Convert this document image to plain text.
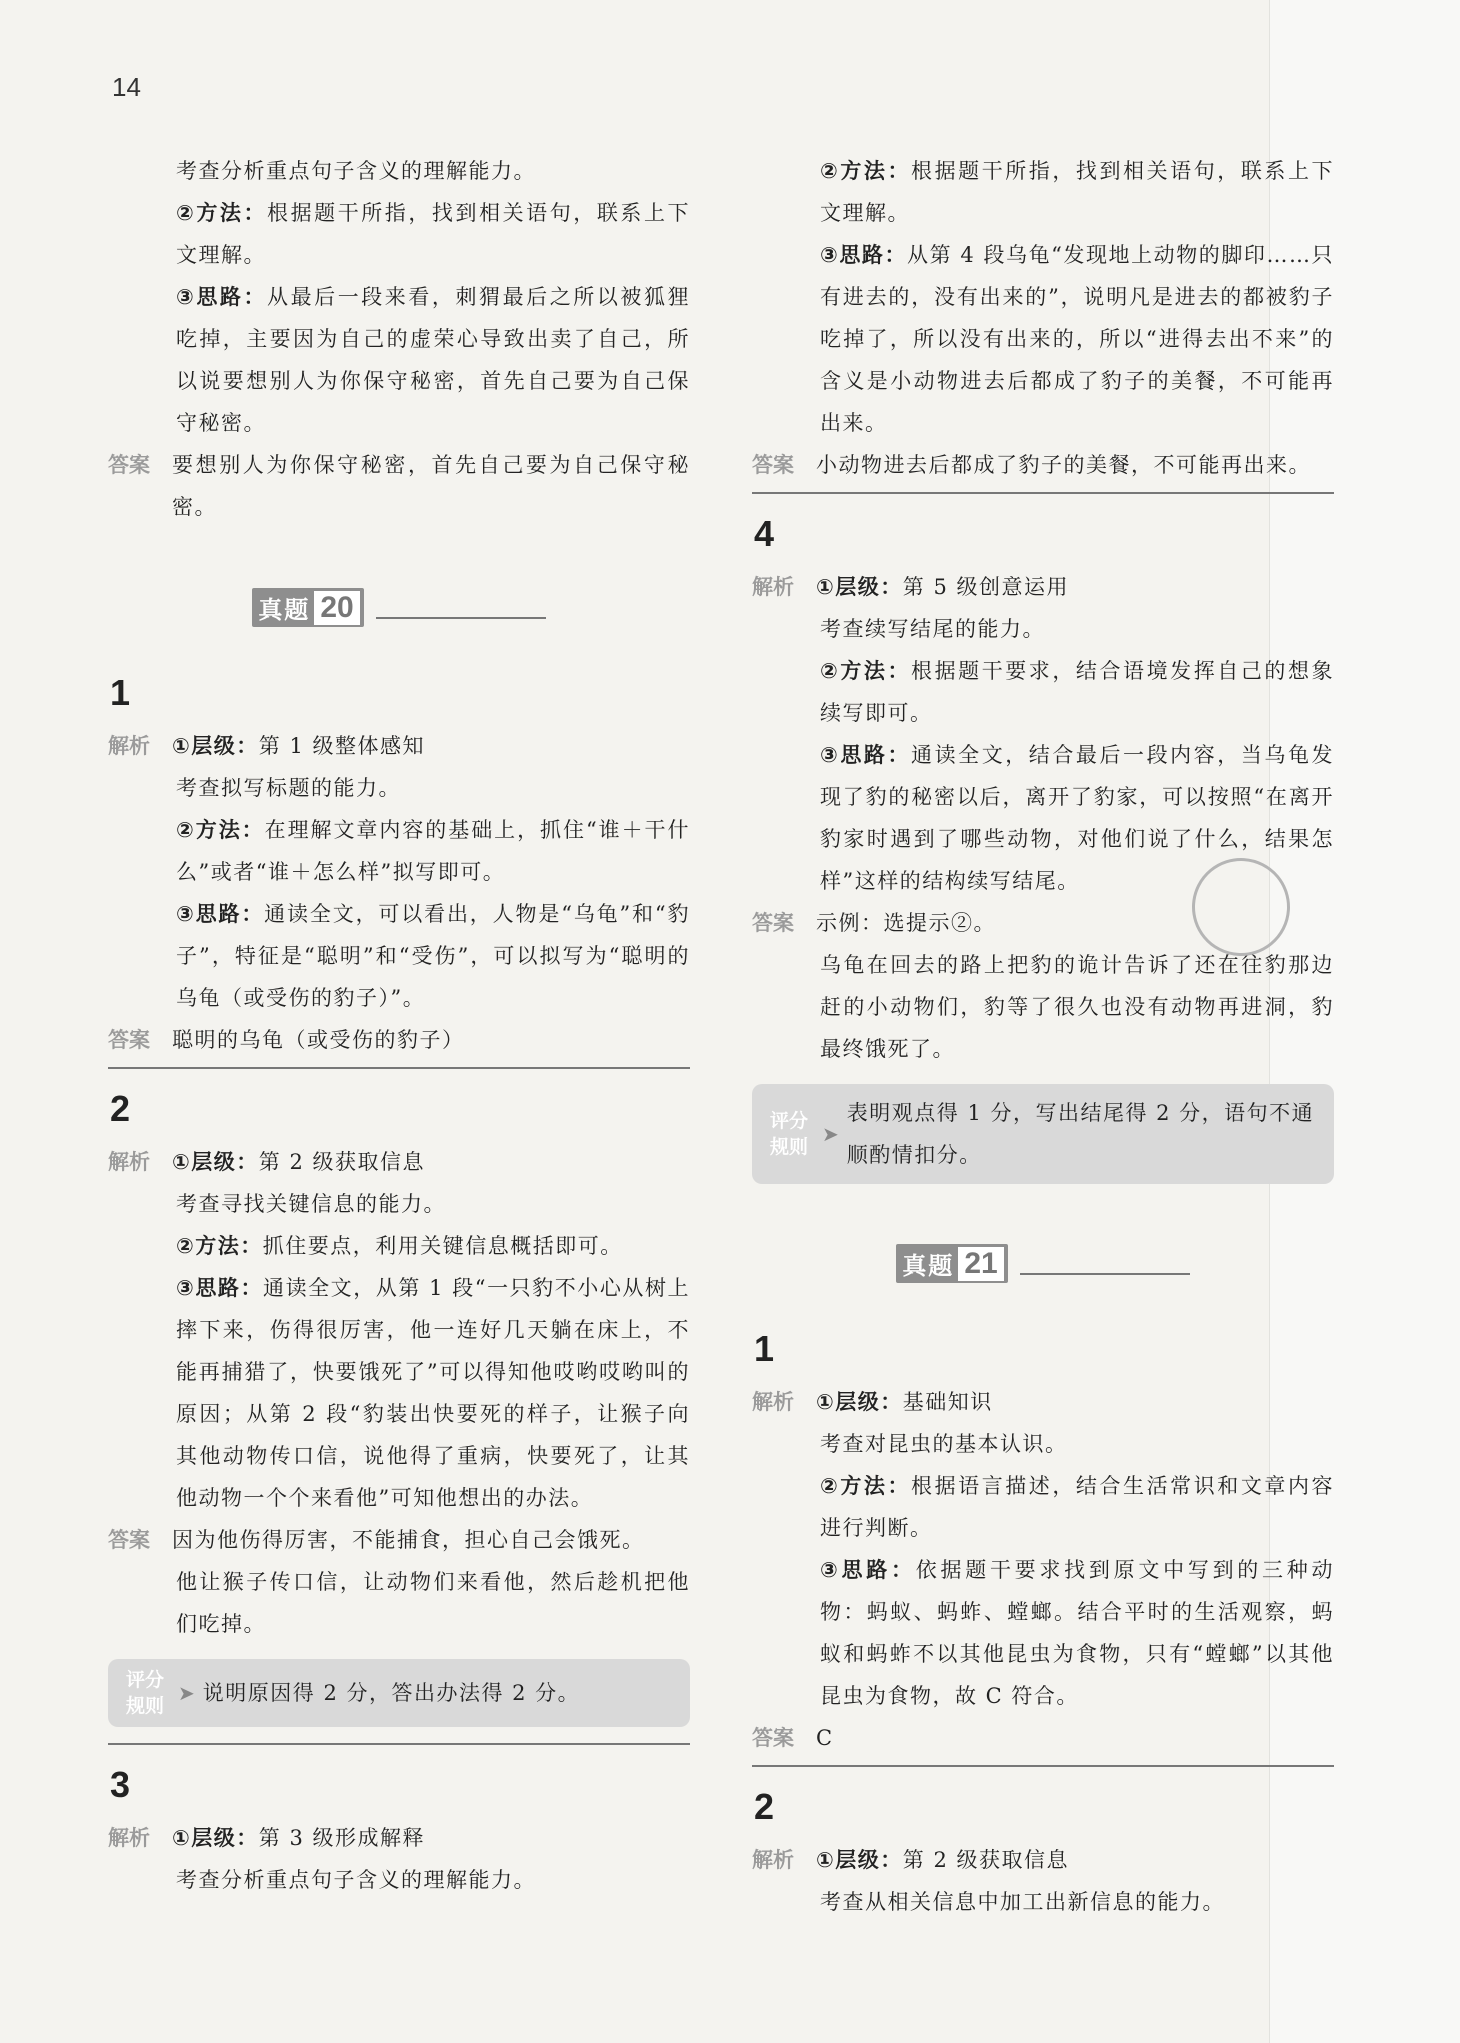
14

考查分析重点句子含义的理解能力。

②方法：根据题干所指，找到相关语句，联系上下文理解。

③思路：从最后一段来看，刺猬最后之所以被狐狸吃掉，主要因为自己的虚荣心导致出卖了自己，所以说要想别人为你保守秘密，首先自己要为自己保守秘密。

答案	要想别人为你保守秘密，首先自己要为自己保守秘密。
真题 20
1
解析	①层级：第 1 级整体感知

考查拟写标题的能力。

②方法：在理解文章内容的基础上，抓住“谁＋干什么”或者“谁＋怎么样”拟写即可。

③思路：通读全文，可以看出，人物是“乌龟”和“豹子”，特征是“聪明”和“受伤”，可以拟写为“聪明的乌龟（或受伤的豹子）”。

答案	聪明的乌龟（或受伤的豹子）
2
解析	①层级：第 2 级获取信息

考查寻找关键信息的能力。

②方法：抓住要点，利用关键信息概括即可。

③思路：通读全文，从第 1 段“一只豹不小心从树上摔下来，伤得很厉害，他一连好几天躺在床上，不能再捕猎了，快要饿死了”可以得知他哎哟哎哟叫的原因；从第 2 段“豹装出快要死的样子，让猴子向其他动物传口信，说他得了重病，快要死了，让其他动物一个个来看他”可知他想出的办法。

答案	因为他伤得厉害，不能捕食，担心自己会饿死。

他让猴子传口信，让动物们来看他，然后趁机把他们吃掉。

评分
规则
➤ 说明原因得 2 分，答出办法得 2 分。
3
解析	①层级：第 3 级形成解释

考查分析重点句子含义的理解能力。

②方法：根据题干所指，找到相关语句，联系上下文理解。

③思路：从第 4 段乌龟“发现地上动物的脚印……只有进去的，没有出来的”，说明凡是进去的都被豹子吃掉了，所以没有出来的，所以“进得去出不来”的含义是小动物进去后都成了豹子的美餐，不可能再出来。

答案	小动物进去后都成了豹子的美餐，不可能再出来。
4
解析	①层级：第 5 级创意运用

考查续写结尾的能力。

②方法：根据题干要求，结合语境发挥自己的想象续写即可。

③思路：通读全文，结合最后一段内容，当乌龟发现了豹的秘密以后，离开了豹家，可以按照“在离开豹家时遇到了哪些动物，对他们说了什么，结果怎样”这样的结构续写结尾。

答案	示例：选提示②。

乌龟在回去的路上把豹的诡计告诉了还在往豹那边赶的小动物们，豹等了很久也没有动物再进洞，豹最终饿死了。

评分
规则
➤
表明观点得 1 分，写出结尾得 2 分，语句不通顺酌情扣分。
真题 21
1
解析	①层级：基础知识

考查对昆虫的基本认识。

②方法：根据语言描述，结合生活常识和文章内容进行判断。

③思路：依据题干要求找到原文中写到的三种动物：蚂蚁、蚂蚱、螳螂。结合平时的生活观察，蚂蚁和蚂蚱不以其他昆虫为食物，只有“螳螂”以其他昆虫为食物，故 C 符合。

答案	C
2
解析	①层级：第 2 级获取信息

考查从相关信息中加工出新信息的能力。
